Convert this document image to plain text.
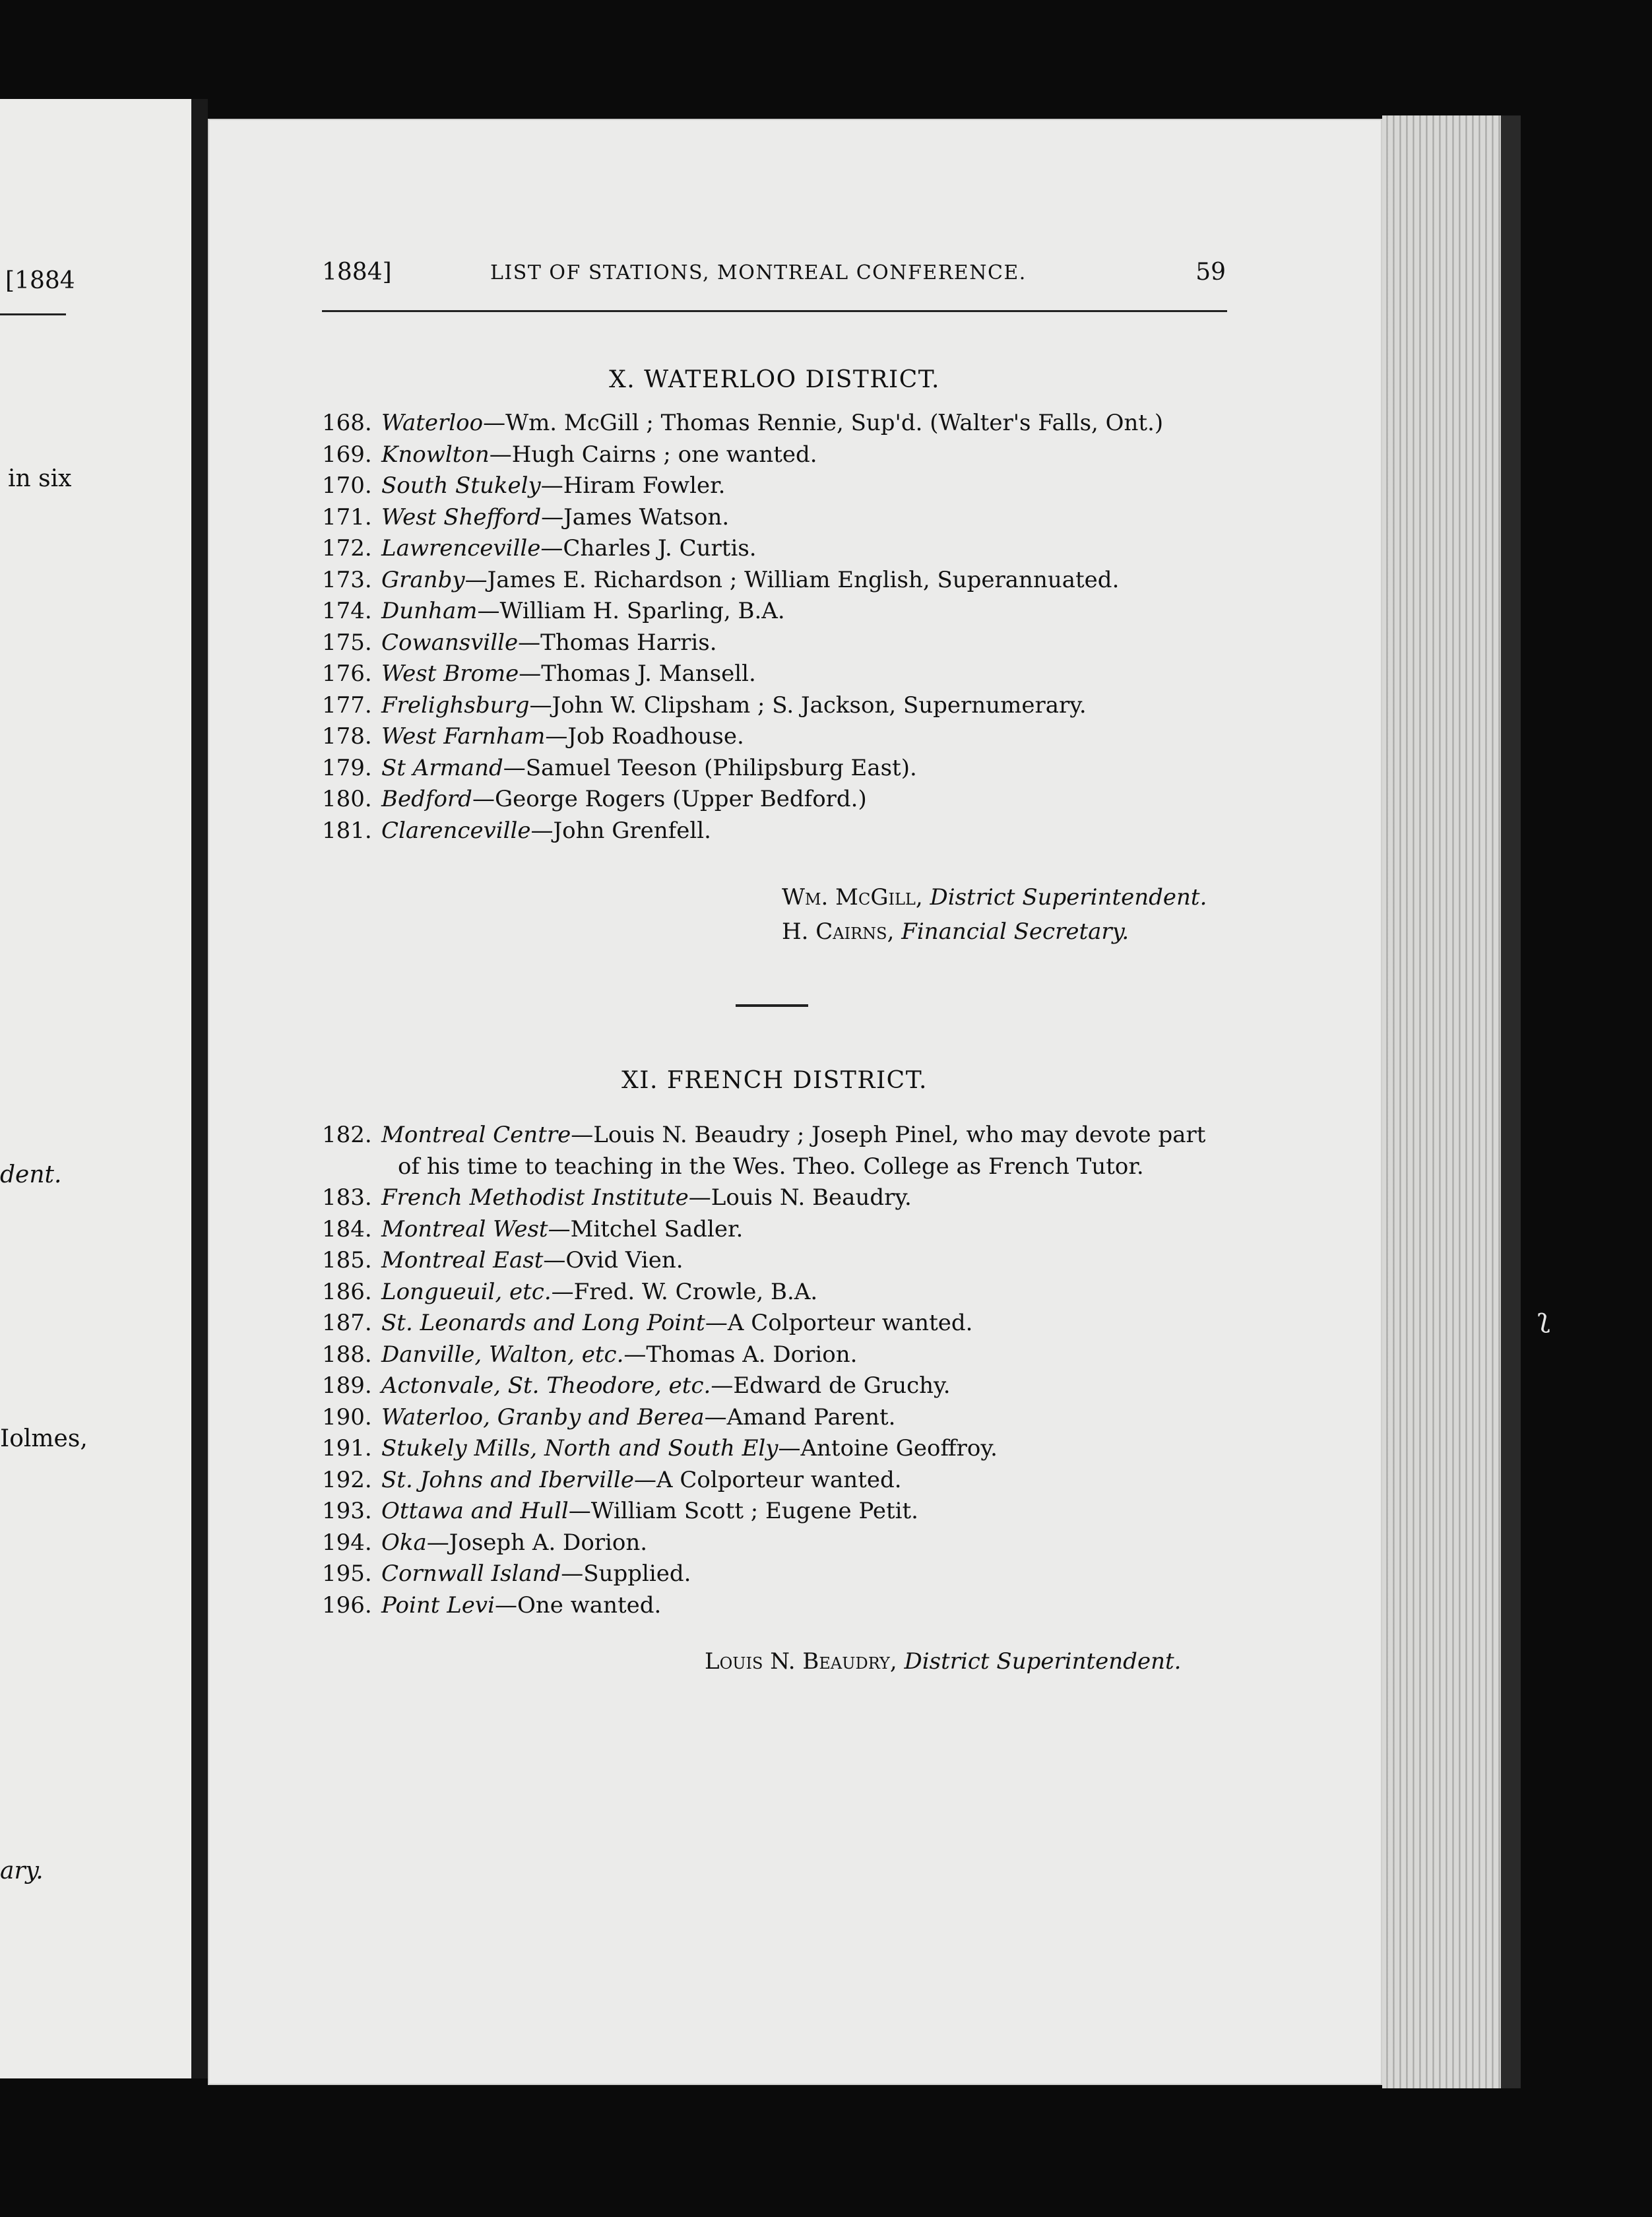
[1884
in six
dent.
Iolmes,
ary.
1884]	LIST OF STATIONS, MONTREAL CONFERENCE.	59
X. WATERLOO DISTRICT.
168. Waterloo—Wm. McGill ; Thomas Rennie, Sup'd. (Walter's Falls, Ont.)
169. Knowlton—Hugh Cairns ; one wanted.
170. South Stukely—Hiram Fowler.
171. West Shefford—James Watson.
172. Lawrenceville—Charles J. Curtis.
173. Granby—James E. Richardson ; William English, Superannuated.
174. Dunham—William H. Sparling, B.A.
175. Cowansville—Thomas Harris.
176. West Brome—Thomas J. Mansell.
177. Frelighsburg—John W. Clipsham ; S. Jackson, Supernumerary.
178. West Farnham—Job Roadhouse.
179. St Armand—Samuel Teeson (Philipsburg East).
180. Bedford—George Rogers (Upper Bedford.)
181. Clarenceville—John Grenfell.
Wm. McGill, District Superintendent.
H. Cairns, Financial Secretary.
XI. FRENCH DISTRICT.
182. Montreal Centre—Louis N. Beaudry ; Joseph Pinel, who may devote part
of his time to teaching in the Wes. Theo. College as French Tutor.
183. French Methodist Institute—Louis N. Beaudry.
184. Montreal West—Mitchel Sadler.
185. Montreal East—Ovid Vien.
186. Longueuil, etc.—Fred. W. Crowle, B.A.
187. St. Leonards and Long Point—A Colporteur wanted.
188. Danville, Walton, etc.—Thomas A. Dorion.
189. Actonvale, St. Theodore, etc.—Edward de Gruchy.
190. Waterloo, Granby and Berea—Amand Parent.
191. Stukely Mills, North and South Ely—Antoine Geoffroy.
192. St. Johns and Iberville—A Colporteur wanted.
193. Ottawa and Hull—William Scott ; Eugene Petit.
194. Oka—Joseph A. Dorion.
195. Cornwall Island—Supplied.
196. Point Levi—One wanted.
Louis N. Beaudry, District Superintendent.
ʅ
